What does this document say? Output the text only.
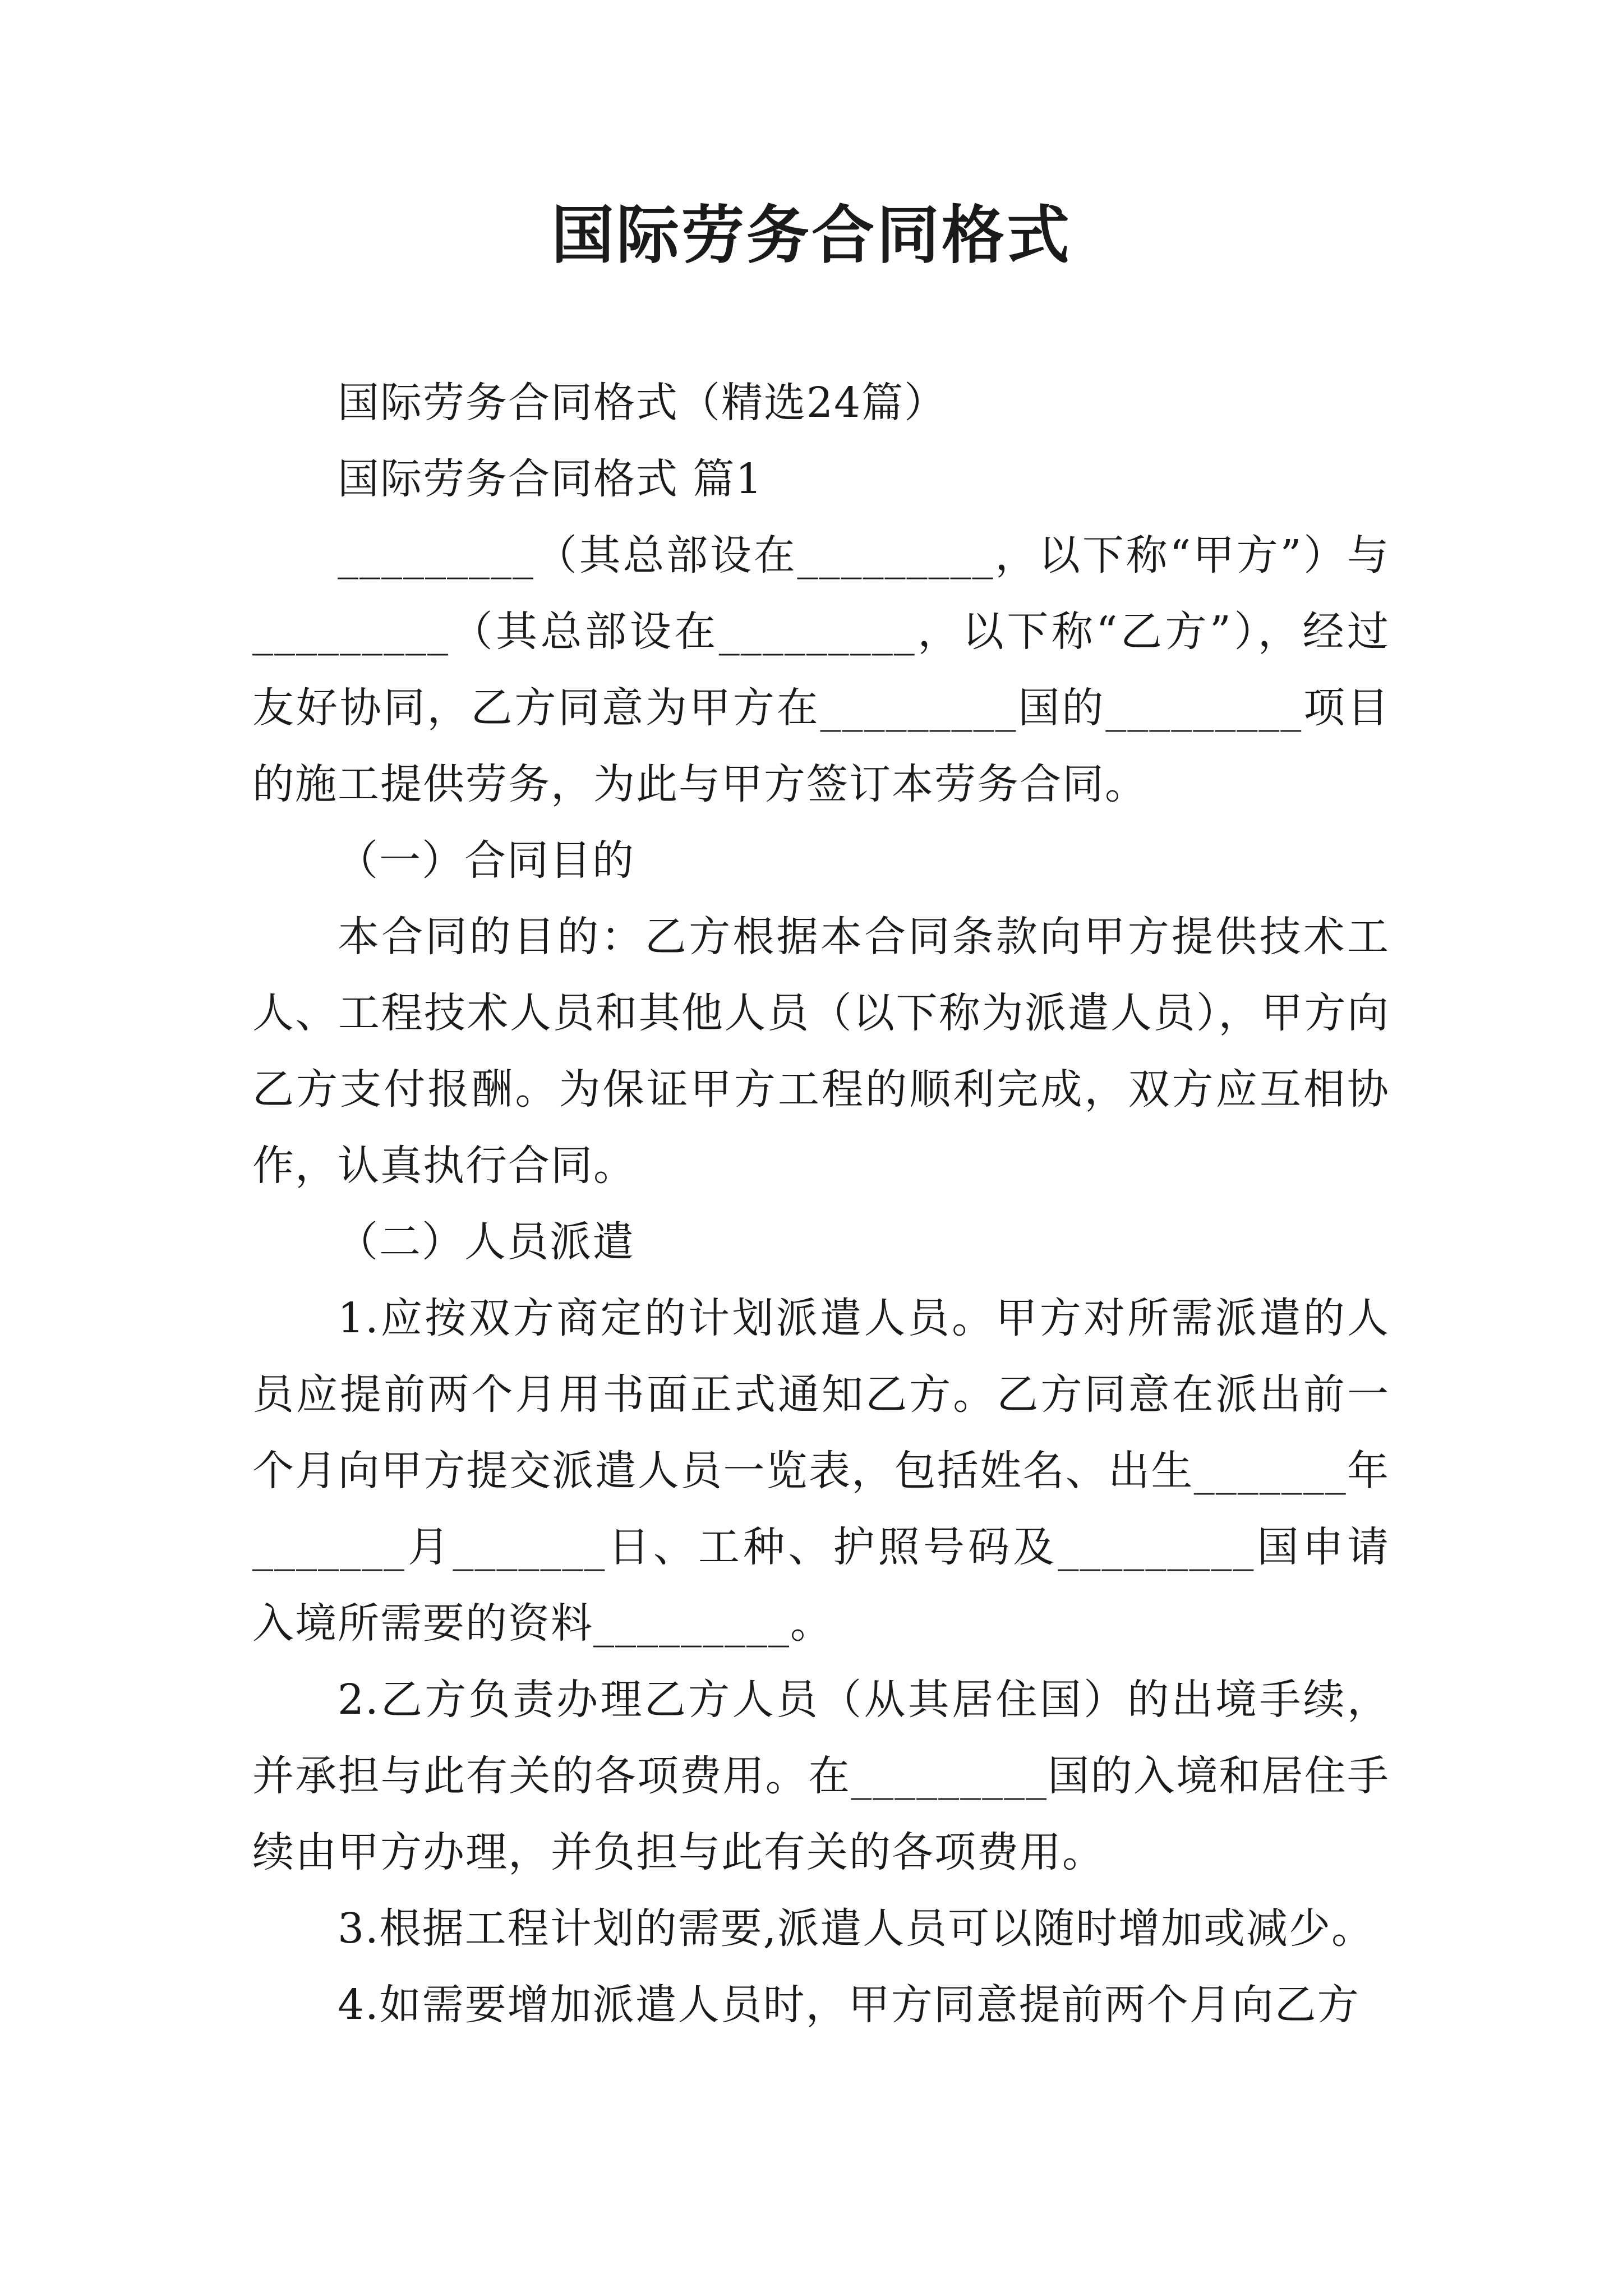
国际劳务合同格式

国际劳务合同格式（精选24篇）

国际劳务合同格式 篇1

_________（其总部设在_________，以下称“甲方”）与_________（其总部设在_________，以下称“乙方”），经过友好协同，乙方同意为甲方在_________国的_________项目的施工提供劳务，为此与甲方签订本劳务合同。

（一）合同目的

本合同的目的：乙方根据本合同条款向甲方提供技术工人、工程技术人员和其他人员（以下称为派遣人员），甲方向乙方支付报酬。为保证甲方工程的顺利完成，双方应互相协作，认真执行合同。

（二）人员派遣

1.应按双方商定的计划派遣人员。甲方对所需派遣的人员应提前两个月用书面正式通知乙方。乙方同意在派出前一个月向甲方提交派遣人员一览表，包括姓名、出生_______年_______月_______日、工种、护照号码及_________国申请入境所需要的资料_________。

2.乙方负责办理乙方人员（从其居住国）的出境手续，并承担与此有关的各项费用。在_________国的入境和居住手续由甲方办理，并负担与此有关的各项费用。

3.根据工程计划的需要,派遣人员可以随时增加或减少。

4.如需要增加派遣人员时，甲方同意提前两个月向乙方
